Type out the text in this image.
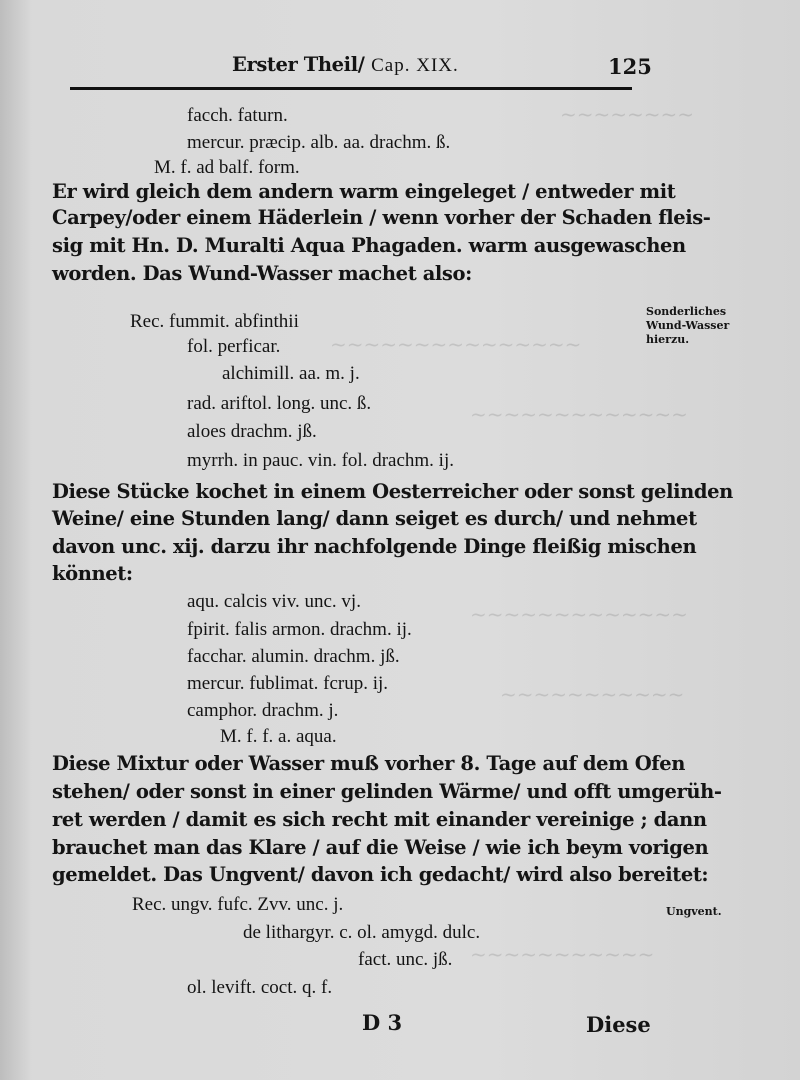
~~~~~~~~
~~~~~~~~~~~~~~~
~~~~~~~~~~~~~
~~~~~~~~~~~~~
~~~~~~~~~~~
~~~~~~~~~~~
Erster Theil/ Cap. XIX.	125
facch. faturn.
mercur. præcip. alb. aa. drachm. ß.
M. f. ad balf. form.
Er wird gleich dem andern warm eingeleget / entweder mit
Carpey/oder einem Häderlein / wenn vorher der Schaden fleis-
sig mit Hn. D. Muralti Aqua Phagaden. warm ausgewaschen
worden. Das Wund-Wasser machet also:
Rec. fummit. abfinthii
fol. perficar.
alchimill. aa. m. j.
rad. ariftol. long. unc. ß.
aloes drachm. jß.
myrrh. in pauc. vin. fol. drachm. ij.
Diese Stücke kochet in einem Oesterreicher oder sonst gelinden
Weine/ eine Stunden lang/ dann seiget es durch/ und nehmet
davon unc. xij. darzu ihr nachfolgende Dinge fleißig mischen
könnet:
aqu. calcis viv. unc. vj.
fpirit. falis armon. drachm. ij.
facchar. alumin. drachm. jß.
mercur. fublimat. fcrup. ij.
camphor. drachm. j.
M. f. f. a. aqua.
Diese Mixtur oder Wasser muß vorher 8. Tage auf dem Ofen
stehen/ oder sonst in einer gelinden Wärme/ und offt umgerüh-
ret werden / damit es sich recht mit einander vereinige ; dann
brauchet man das Klare / auf die Weise / wie ich beym vorigen
gemeldet. Das Ungvent/ davon ich gedacht/ wird also bereitet:
Rec. ungv. fufc. Zvv. unc. j.
de lithargyr. c. ol. amygd. dulc.
fact. unc. jß.
ol. levift. coct. q. f.
Sonderliches
Wund-Wasser
hierzu.
Ungvent.
D 3	Diese
